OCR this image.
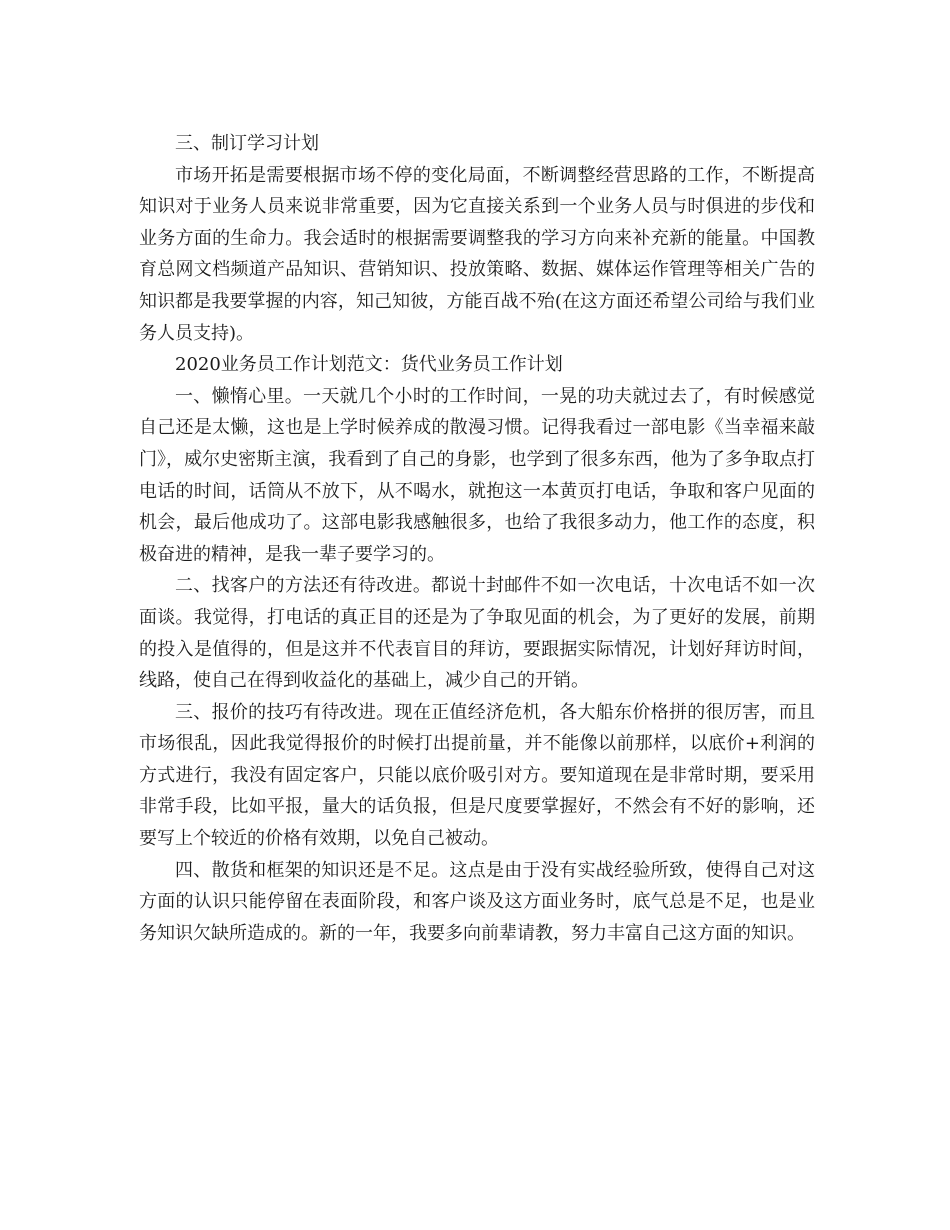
三、制订学习计划

市场开拓是需要根据市场不停的变化局面，不断调整经营思路的工作，不断提高知识对于业务人员来说非常重要，因为它直接关系到一个业务人员与时俱进的步伐和业务方面的生命力。我会适时的根据需要调整我的学习方向来补充新的能量。中国教育总网文档频道产品知识、营销知识、投放策略、数据、媒体运作管理等相关广告的知识都是我要掌握的内容，知己知彼，方能百战不殆(在这方面还希望公司给与我们业务人员支持)。

2020业务员工作计划范文：货代业务员工作计划

一、懒惰心里。一天就几个小时的工作时间，一晃的功夫就过去了，有时候感觉自己还是太懒，这也是上学时候养成的散漫习惯。记得我看过一部电影《当幸福来敲门》，威尔史密斯主演，我看到了自己的身影，也学到了很多东西，他为了多争取点打电话的时间，话筒从不放下，从不喝水，就抱这一本黄页打电话，争取和客户见面的机会，最后他成功了。这部电影我感触很多，也给了我很多动力，他工作的态度，积极奋进的精神，是我一辈子要学习的。

二、找客户的方法还有待改进。都说十封邮件不如一次电话，十次电话不如一次面谈。我觉得，打电话的真正目的还是为了争取见面的机会，为了更好的发展，前期的投入是值得的，但是这并不代表盲目的拜访，要跟据实际情况，计划好拜访时间，线路，使自己在得到收益化的基础上，减少自己的开销。

三、报价的技巧有待改进。现在正值经济危机，各大船东价格拼的很厉害，而且市场很乱，因此我觉得报价的时候打出提前量，并不能像以前那样，以底价+利润的方式进行，我没有固定客户，只能以底价吸引对方。要知道现在是非常时期，要采用非常手段，比如平报，量大的话负报，但是尺度要掌握好，不然会有不好的影响，还要写上个较近的价格有效期，以免自己被动。

四、散货和框架的知识还是不足。这点是由于没有实战经验所致，使得自己对这方面的认识只能停留在表面阶段，和客户谈及这方面业务时，底气总是不足，也是业务知识欠缺所造成的。新的一年，我要多向前辈请教，努力丰富自己这方面的知识。
